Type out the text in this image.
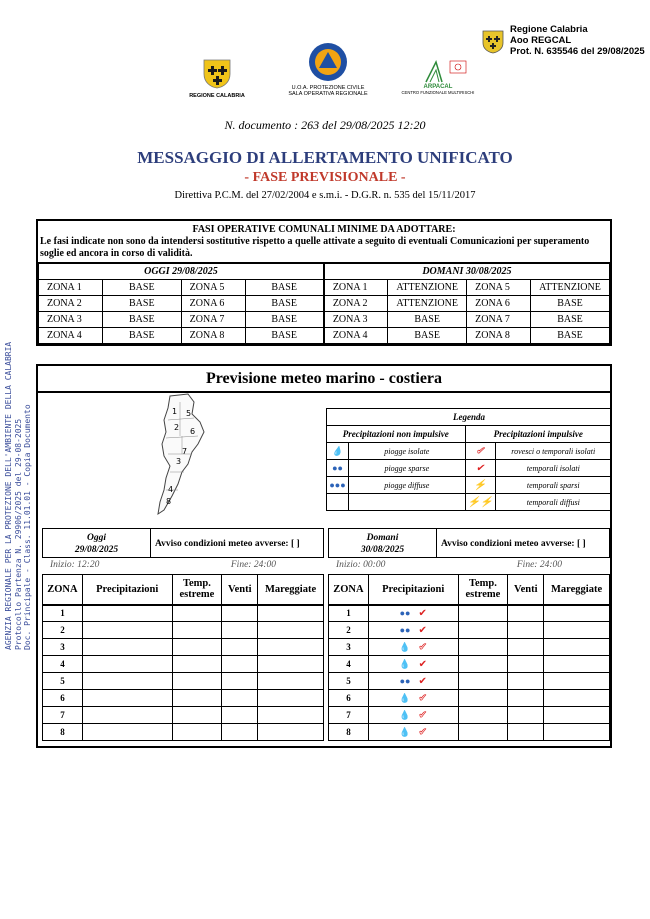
Regione Calabria
Aoo REGCAL
Prot. N. 635546 del 29/08/2025
REGIONE CALABRIA
U.O.A. PROTEZIONE CIVILE
SALA OPERATIVA REGIONALE
ARPACAL
CENTRO FUNZIONALE MULTIRISCHI
AGENZIA REGIONALE PER LA PROTEZIONE DELL'AMBIENTE DELLA CALABRIA Protocollo Partenza N. 29906/2025 del 29-08-2025 Doc. Principale - Class. 11.01.01 - Copia Documento
N. documento : 263 del 29/08/2025 12:20
MESSAGGIO DI ALLERTAMENTO UNIFICATO
- FASE PREVISIONALE -
Direttiva P.C.M. del 27/02/2004 e s.m.i. - D.G.R. n. 535 del 15/11/2017
FASI OPERATIVE COMUNALI MINIME DA ADOTTARE:
Le fasi indicate non sono da intendersi sostitutive rispetto a quelle attivate a seguito di eventuali Comunicazioni per superamento soglie ed ancora in corso di validità.
OGGI 29/08/2025				DOMANI 30/08/2025			
ZONA 1	BASE	ZONA 5	BASE	ZONA 1	ATTENZIONE	ZONA 5	ATTENZIONE
ZONA 2	BASE	ZONA 6	BASE	ZONA 2	ATTENZIONE	ZONA 6	BASE
ZONA 3	BASE	ZONA 7	BASE	ZONA 3	BASE	ZONA 7	BASE
ZONA 4	BASE	ZONA 8	BASE	ZONA 4	BASE	ZONA 8	BASE
Previsione meteo marino - costiera
1
2
3
4
5
6
7
8
Legenda			
Precipitazioni non impulsive		Precipitazioni impulsive	
💧	piogge isolate	✔	rovesci o temporali isolati
●●	piogge sparse	✔	temporali isolati
●●●	piogge diffuse	⚡	temporali sparsi
		⚡⚡	temporali diffusi
Oggi
29/08/2025
Avviso condizioni meteo avverse: [ ]
Inizio: 12:20	Fine: 24:00
Domani
30/08/2025
Avviso condizioni meteo avverse: [ ]
Inizio: 00:00	Fine: 24:00
ZONA	Precipitazioni	Temp. estreme	Venti	Mareggiate
1				
2				
3				
4				
5				
6				
7				
8				
ZONA	Precipitazioni	Temp. estreme	Venti	Mareggiate
1	●● ✔			
2	●● ✔			
3	💧 ✔			
4	💧 ✔			
5	●● ✔			
6	💧 ✔			
7	💧 ✔			
8	💧 ✔			
